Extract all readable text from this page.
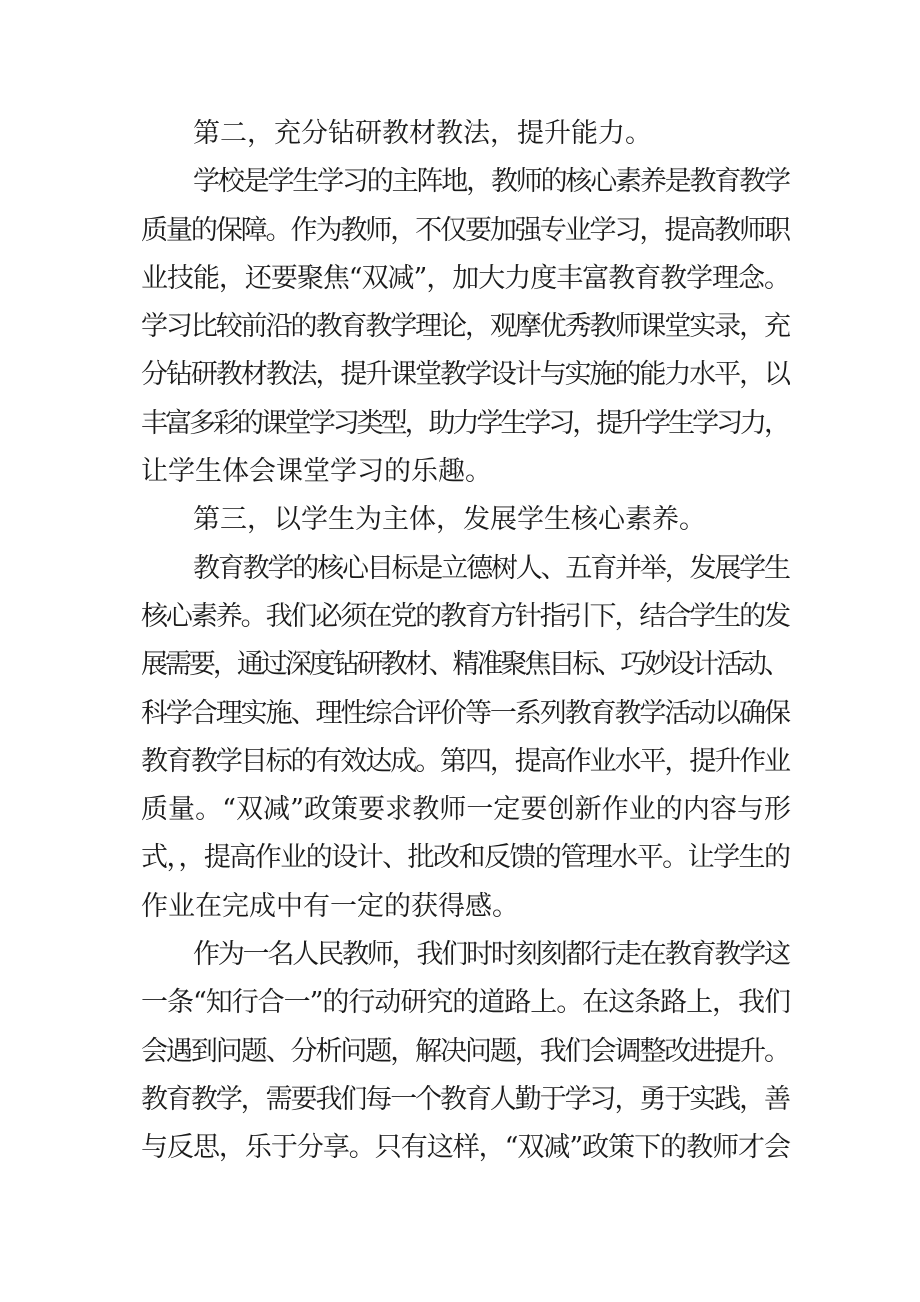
第二，充分钻研教材教法，提升能力。
学校是学生学习的主阵地，教师的核心素养是教育教学
质量的保障。作为教师，不仅要加强专业学习，提高教师职
业技能，还要聚焦“双减”，加大力度丰富教育教学理念。
学习比较前沿的教育教学理论，观摩优秀教师课堂实录，充
分钻研教材教法，提升课堂教学设计与实施的能力水平，以
丰富多彩的课堂学习类型，助力学生学习，提升学生学习力，
让学生体会课堂学习的乐趣。
第三，以学生为主体，发展学生核心素养。
教育教学的核心目标是立德树人、五育并举，发展学生
核心素养。我们必须在党的教育方针指引下，结合学生的发
展需要，通过深度钻研教材、精准聚焦目标、巧妙设计活动、
科学合理实施、理性综合评价等一系列教育教学活动以确保
教育教学目标的有效达成。第四，提高作业水平，提升作业
质量。“双减”政策要求教师一定要创新作业的内容与形
式，，提高作业的设计、批改和反馈的管理水平。让学生的
作业在完成中有一定的获得感。
作为一名人民教师，我们时时刻刻都行走在教育教学这
一条“知行合一”的行动研究的道路上。在这条路上，我们
会遇到问题、分析问题，解决问题，我们会调整改进提升。
教育教学，需要我们每一个教育人勤于学习，勇于实践，善
与反思，乐于分享。只有这样，“双减”政策下的教师才会
